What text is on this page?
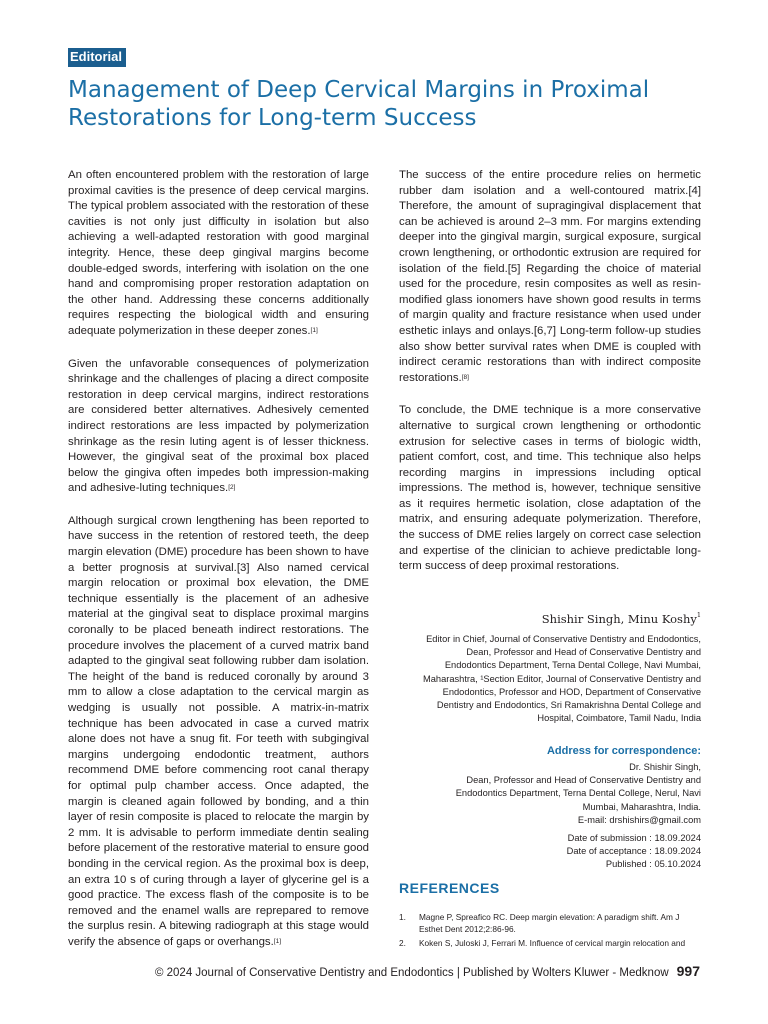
Editorial
Management of Deep Cervical Margins in Proximal Restorations for Long-term Success

An often encountered problem with the restoration of large proximal cavities is the presence of deep cervical margins. The typical problem associated with the restoration of these cavities is not only just difficulty in isolation but also achieving a well-adapted restoration with good marginal integrity. Hence, these deep gingival margins become double-edged swords, interfering with isolation on the one hand and compromising proper restoration adaptation on the other hand. Addressing these concerns additionally requires respecting the biological width and ensuring adequate polymerization in these deeper zones.[1]

Given the unfavorable consequences of polymerization shrinkage and the challenges of placing a direct composite restoration in deep cervical margins, indirect restorations are considered better alternatives. Adhesively cemented indirect restorations are less impacted by polymerization shrinkage as the resin luting agent is of lesser thickness. However, the gingival seat of the proximal box placed below the gingiva often impedes both impression-making and adhesive-luting techniques.[2]

Although surgical crown lengthening has been reported to have success in the retention of restored teeth, the deep margin elevation (DME) procedure has been shown to have a better prognosis at survival.[3] Also named cervical margin relocation or proximal box elevation, the DME technique essentially is the placement of an adhesive material at the gingival seat to displace proximal margins coronally to be placed beneath indirect restorations. The procedure involves the placement of a curved matrix band adapted to the gingival seat following rubber dam isolation. The height of the band is reduced coronally by around 3 mm to allow a close adaptation to the cervical margin as wedging is usually not possible. A matrix-in-matrix technique has been advocated in case a curved matrix alone does not have a snug fit. For teeth with subgingival margins undergoing endodontic treatment, authors recommend DME before commencing root canal therapy for optimal pulp chamber access. Once adapted, the margin is cleaned again followed by bonding, and a thin layer of resin composite is placed to relocate the margin by 2 mm. It is advisable to perform immediate dentin sealing before placement of the restorative material to ensure good bonding in the cervical region. As the proximal box is deep, an extra 10 s of curing through a layer of glycerine gel is a good practice. The excess flash of the composite is to be removed and the enamel walls are reprepared to remove the surplus resin. A bitewing radiograph at this stage would verify the absence of gaps or overhangs.[1]

The success of the entire procedure relies on hermetic rubber dam isolation and a well-contoured matrix.[4] Therefore, the amount of supragingival displacement that can be achieved is around 2–3 mm. For margins extending deeper into the gingival margin, surgical exposure, surgical crown lengthening, or orthodontic extrusion are required for isolation of the field.[5] Regarding the choice of material used for the procedure, resin composites as well as resin-modified glass ionomers have shown good results in terms of margin quality and fracture resistance when used under esthetic inlays and onlays.[6,7] Long-term follow-up studies also show better survival rates when DME is coupled with indirect ceramic restorations than with indirect composite restorations.[8]

To conclude, the DME technique is a more conservative alternative to surgical crown lengthening or orthodontic extrusion for selective cases in terms of biologic width, patient comfort, cost, and time. This technique also helps recording margins in impressions including optical impressions. The method is, however, technique sensitive as it requires hermetic isolation, close adaptation of the matrix, and ensuring adequate polymerization. Therefore, the success of DME relies largely on correct case selection and expertise of the clinician to achieve predictable long-term success of deep proximal restorations.

Shishir Singh, Minu Koshy$^1$
Editor in Chief, Journal of Conservative Dentistry and Endodontics, Dean, Professor and Head of Conservative Dentistry and Endodontics Department, Terna Dental College, Navi Mumbai, Maharashtra, ¹Section Editor, Journal of Conservative Dentistry and Endodontics, Professor and HOD, Department of Conservative Dentistry and Endodontics, Sri Ramakrishna Dental College and Hospital, Coimbatore, Tamil Nadu, India
Address for correspondence:
Dr. Shishir Singh,
Dean, Professor and Head of Conservative Dentistry and Endodontics Department, Terna Dental College, Nerul, Navi Mumbai, Maharashtra, India.
E-mail: drshishirs@gmail.com
Date of submission : 18.09.2024
Date of acceptance : 18.09.2024
Published : 05.10.2024
REFERENCES
1. Magne P, Spreafico RC. Deep margin elevation: A paradigm shift. Am J Esthet Dent 2012;2:86-96.
2. Koken S, Juloski J, Ferrari M. Influence of cervical margin relocation and
© 2024 Journal of Conservative Dentistry and Endodontics | Published by Wolters Kluwer - Medknow 997
